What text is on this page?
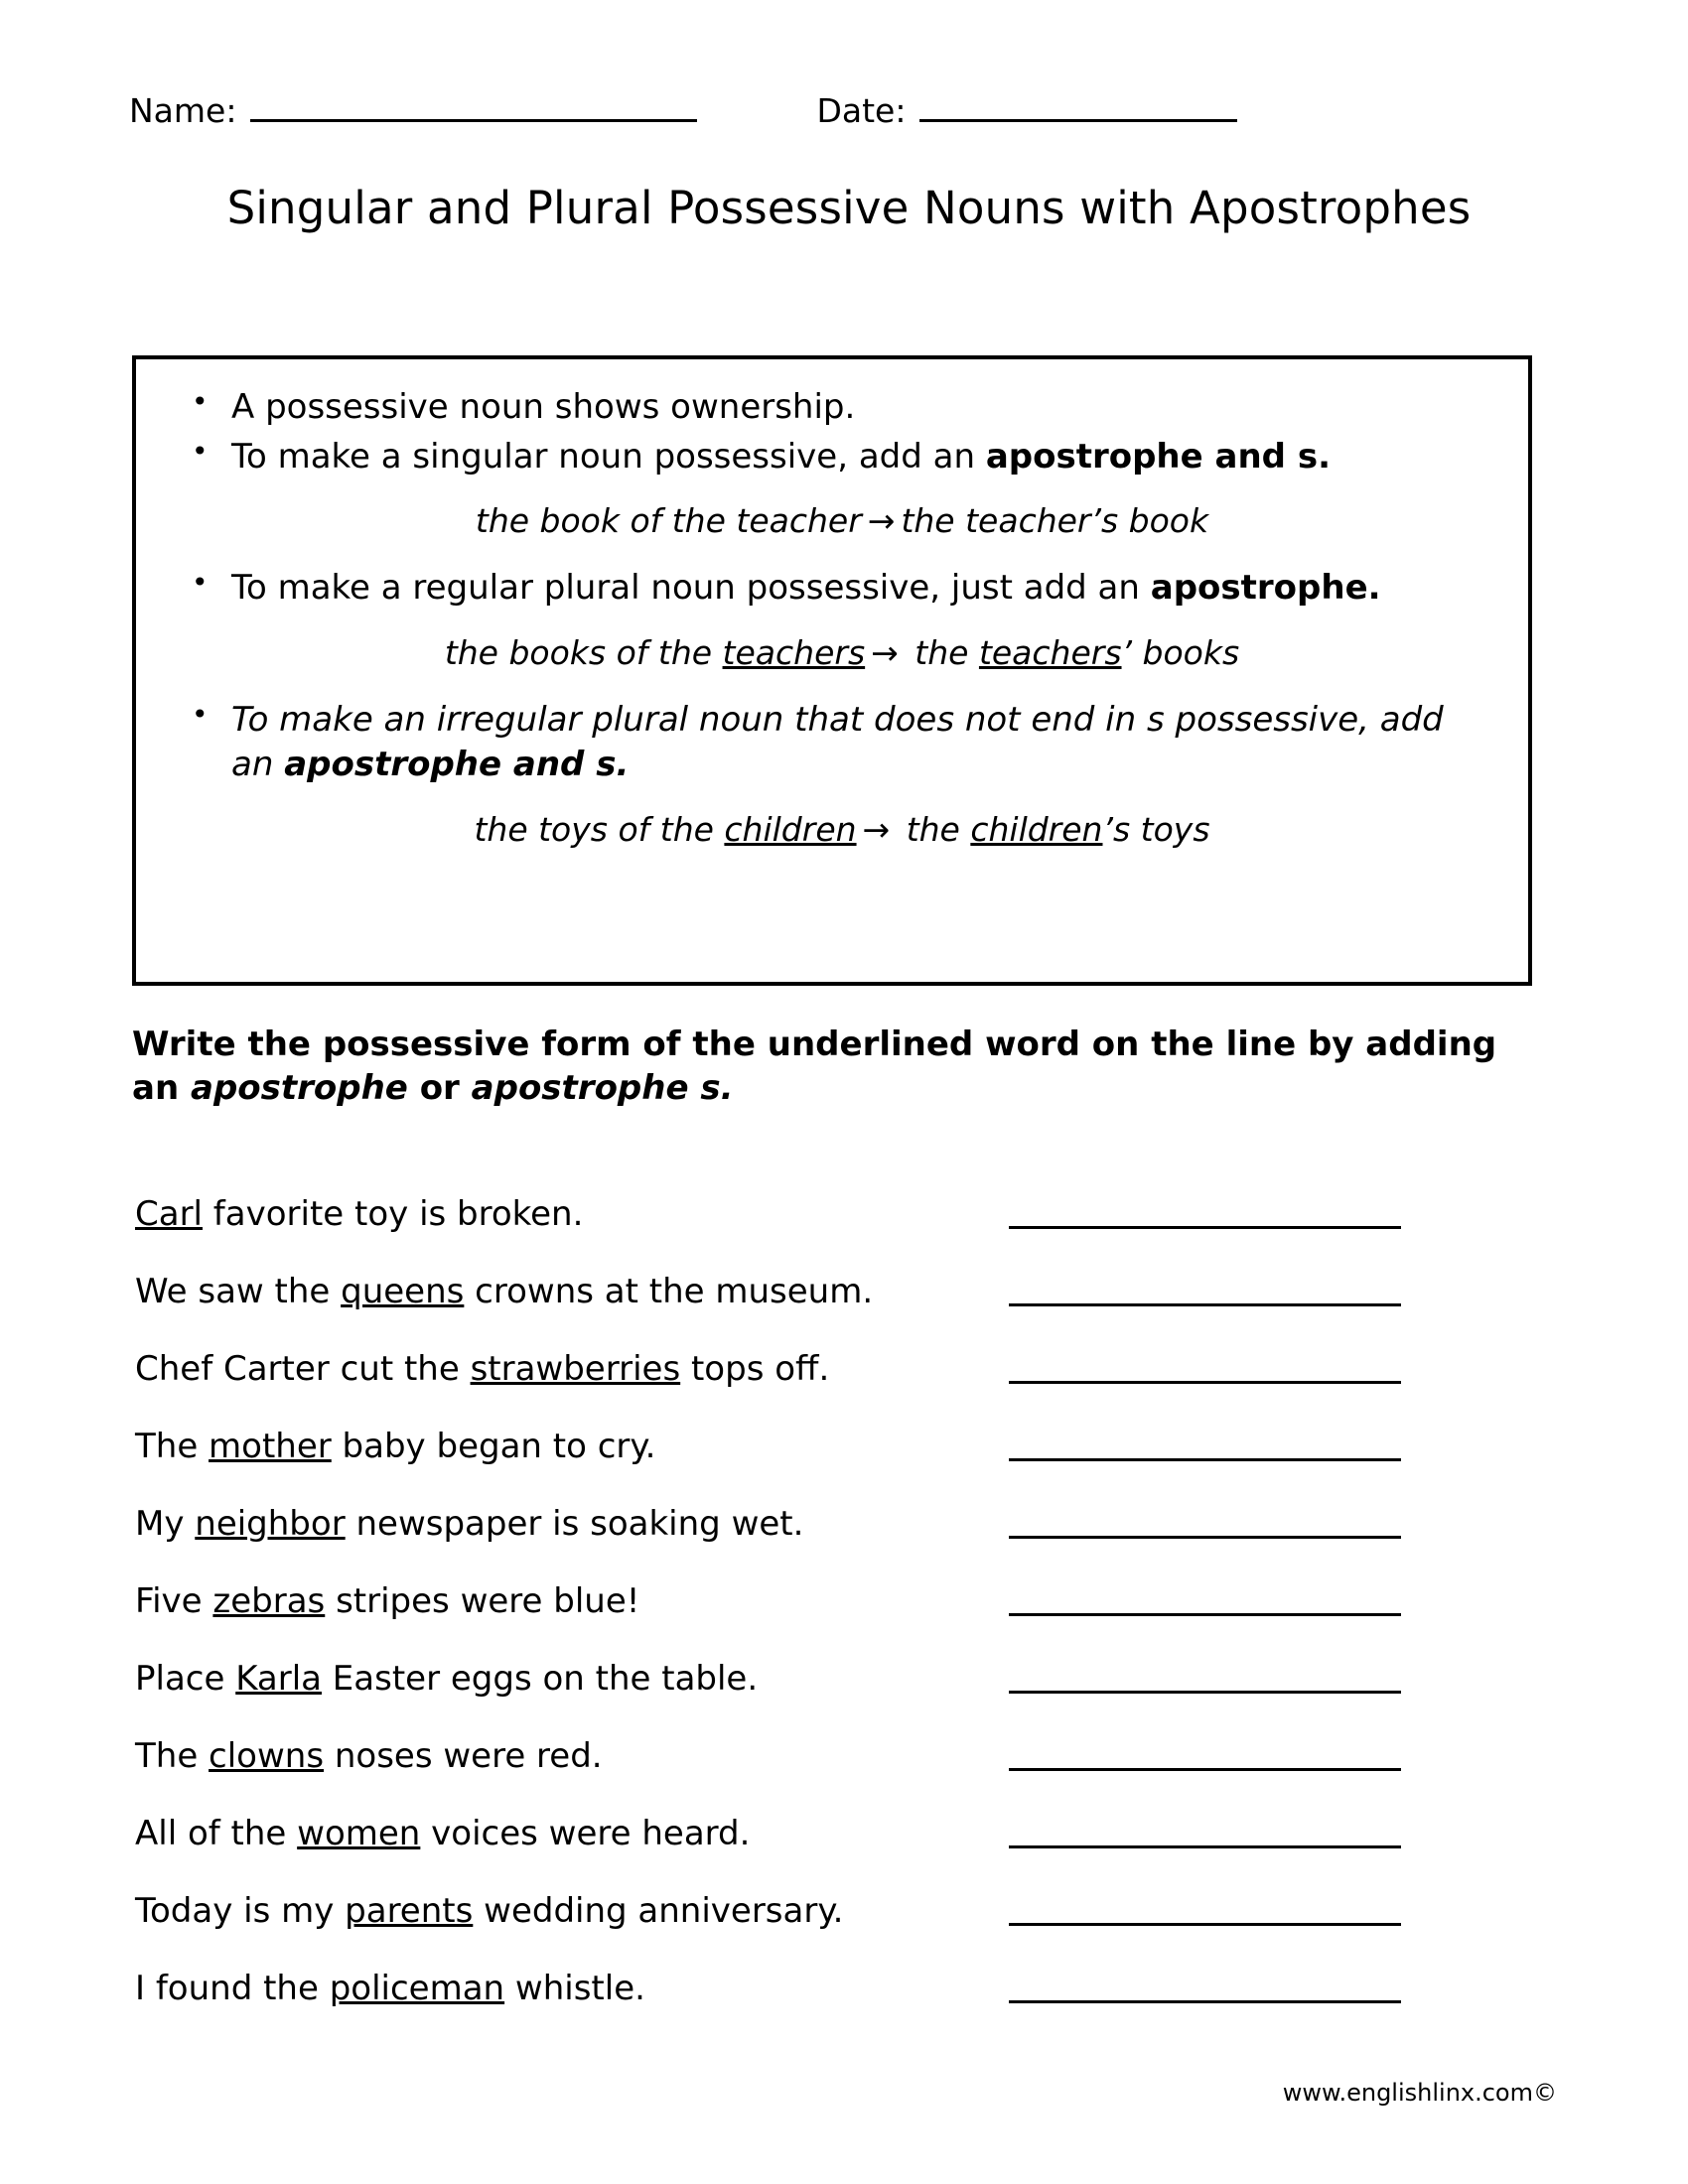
Name:	Date:
Singular and Plural Possessive Nouns with Apostrophes
• A possessive noun shows ownership.
• To make a singular noun possessive, add an apostrophe and s.
the book of the teacher → the teacher’s book
• To make a regular plural noun possessive, just add an apostrophe.
the books of the teachers → the teachers’ books
• To make an irregular plural noun that does not end in s possessive, add an apostrophe and s.
the toys of the children → the children’s toys
Write the possessive form of the underlined word on the line by adding an apostrophe or apostrophe s.
Carl favorite toy is broken.
We saw the queens crowns at the museum.
Chef Carter cut the strawberries tops off.
The mother baby began to cry.
My neighbor newspaper is soaking wet.
Five zebras stripes were blue!
Place Karla Easter eggs on the table.
The clowns noses were red.
All of the women voices were heard.
Today is my parents wedding anniversary.
I found the policeman whistle.
www.englishlinx.com©
